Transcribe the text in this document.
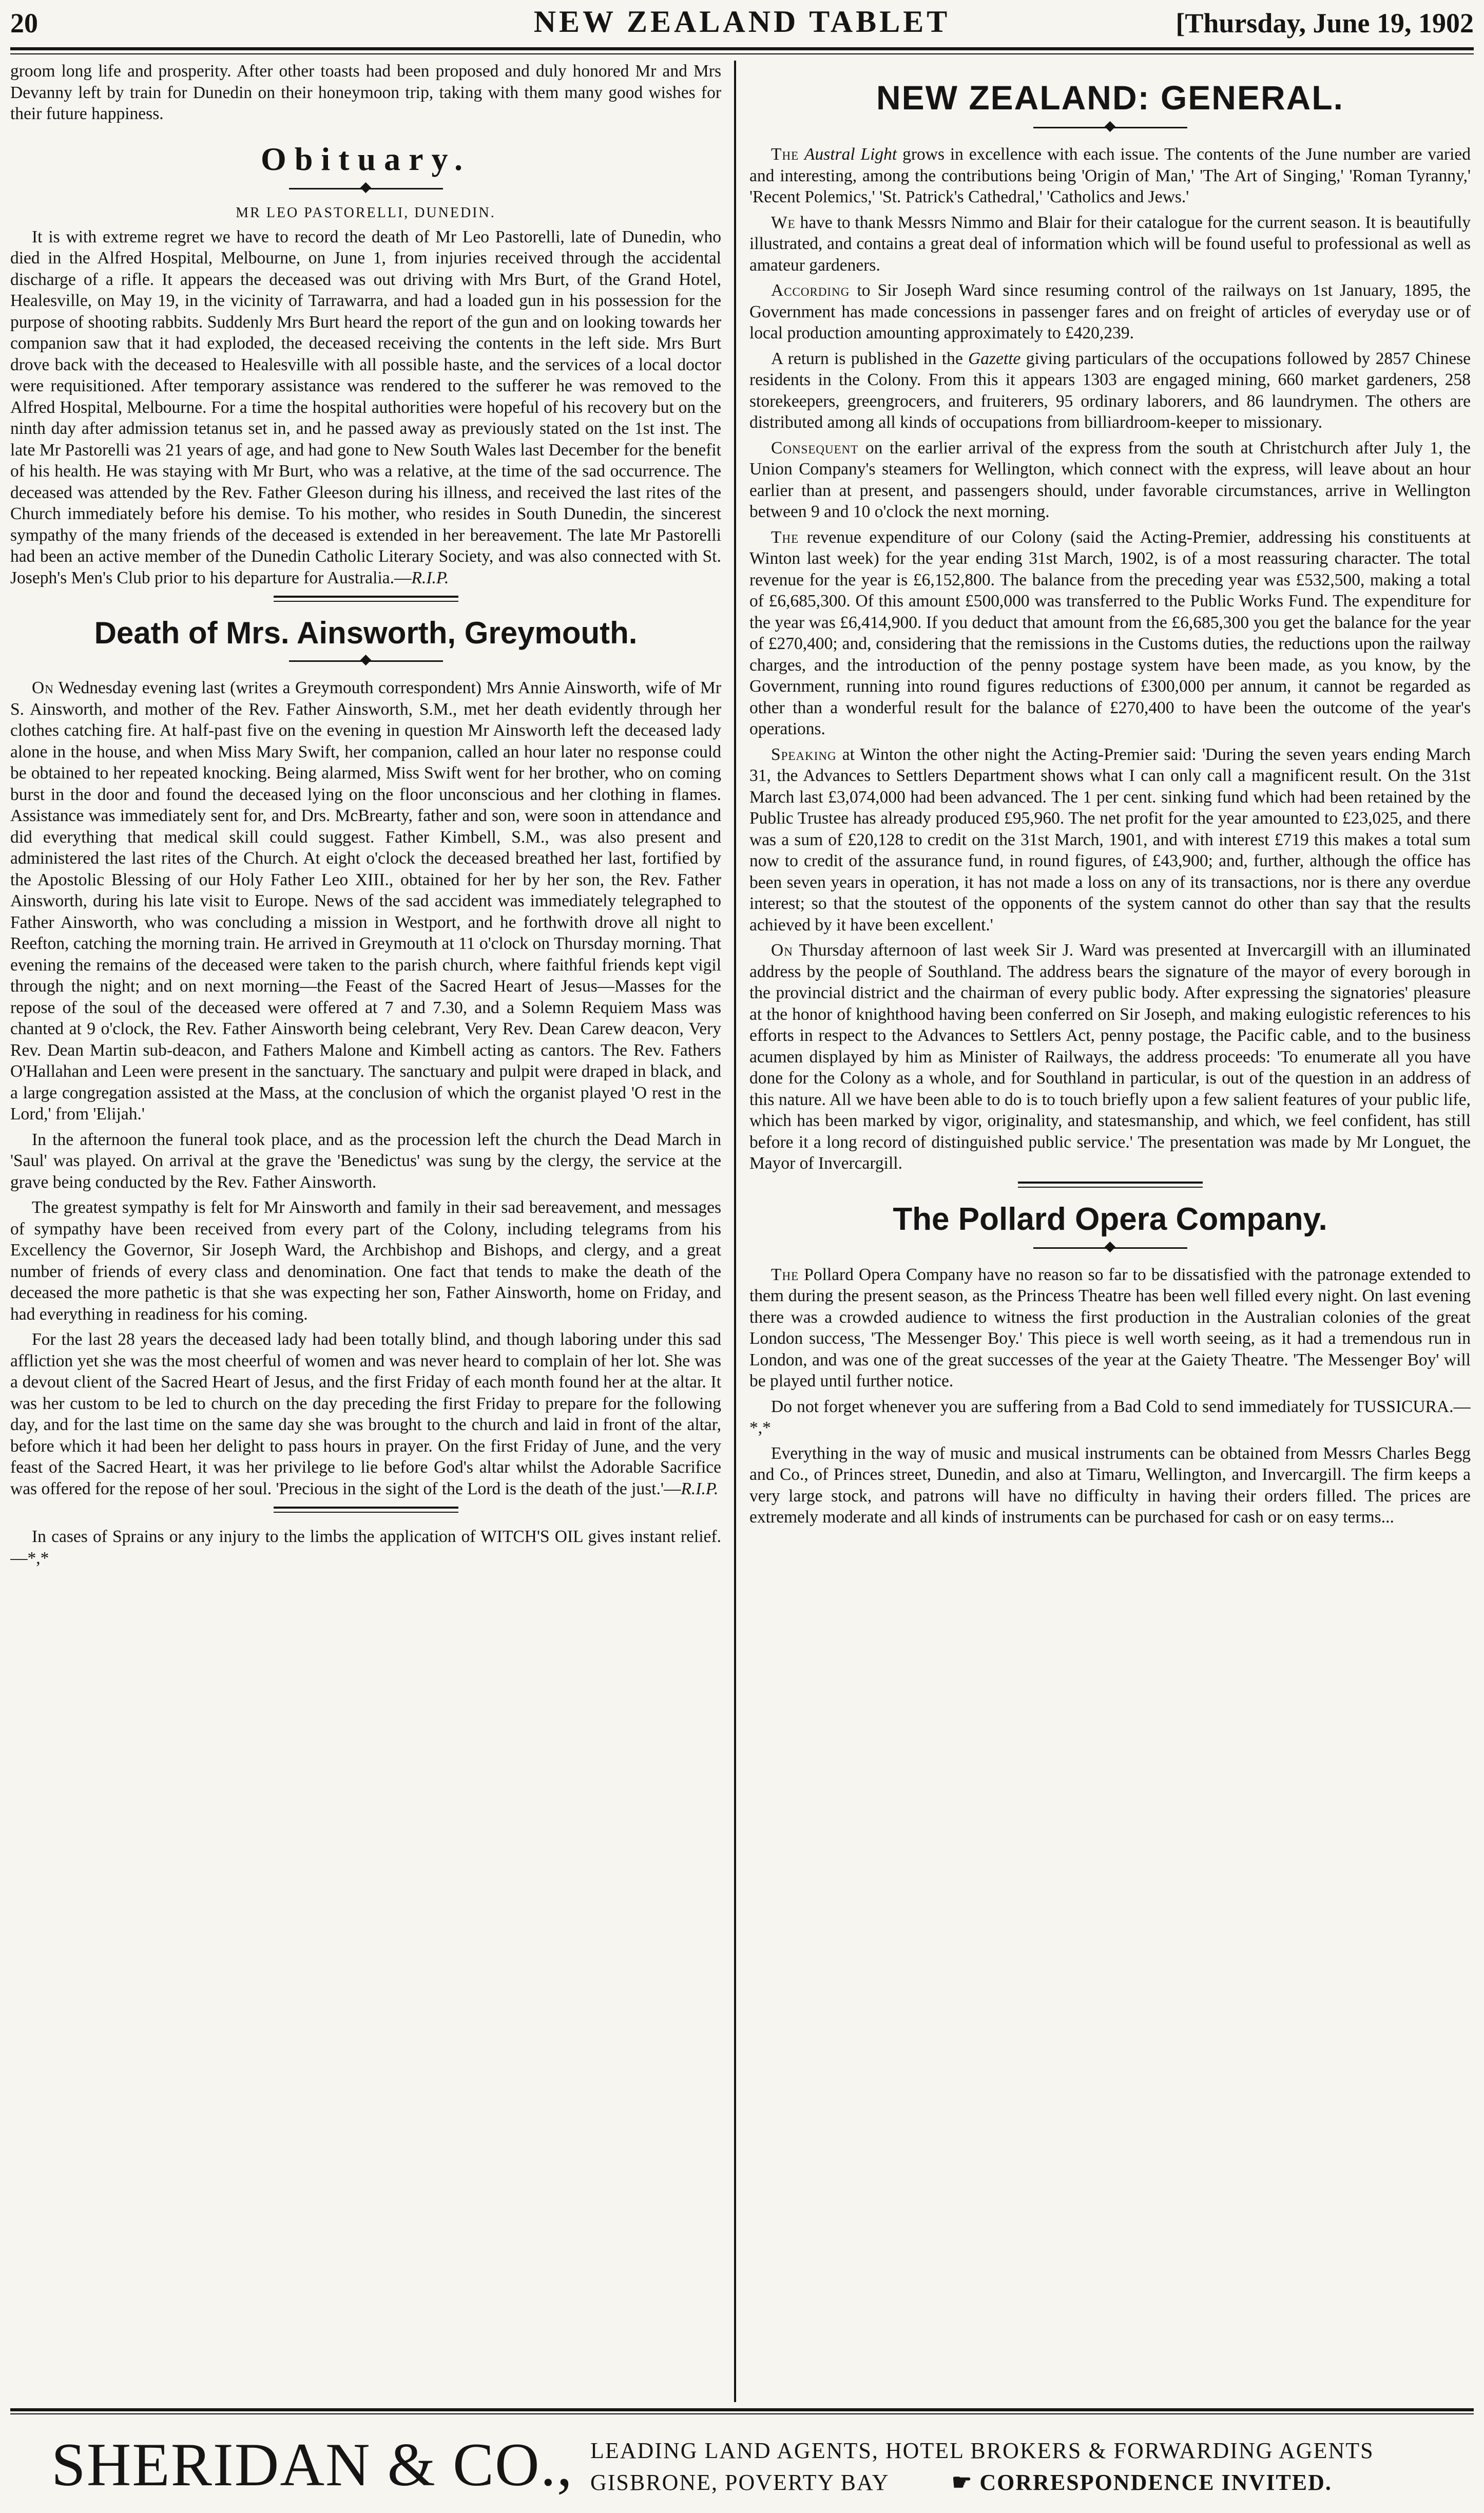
20	NEW ZEALAND TABLET	[Thursday, June 19, 1902

groom long life and prosperity. After other toasts had been proposed and duly honored Mr and Mrs Devanny left by train for Dunedin on their honeymoon trip, taking with them many good wishes for their future happiness.

Obituary.
MR LEO PASTORELLI, DUNEDIN.

It is with extreme regret we have to record the death of Mr Leo Pastorelli, late of Dunedin, who died in the Alfred Hospital, Melbourne, on June 1, from injuries received through the accidental discharge of a rifle. It appears the deceased was out driving with Mrs Burt, of the Grand Hotel, Healesville, on May 19, in the vicinity of Tarrawarra, and had a loaded gun in his possession for the purpose of shooting rabbits. Suddenly Mrs Burt heard the report of the gun and on looking towards her companion saw that it had exploded, the deceased receiving the contents in the left side. Mrs Burt drove back with the deceased to Healesville with all possible haste, and the services of a local doctor were requisitioned. After temporary assistance was rendered to the sufferer he was removed to the Alfred Hospital, Melbourne. For a time the hospital authorities were hopeful of his recovery but on the ninth day after admission tetanus set in, and he passed away as previously stated on the 1st inst. The late Mr Pastorelli was 21 years of age, and had gone to New South Wales last December for the benefit of his health. He was staying with Mr Burt, who was a relative, at the time of the sad occurrence. The deceased was attended by the Rev. Father Gleeson during his illness, and received the last rites of the Church immediately before his demise. To his mother, who resides in South Dunedin, the sincerest sympathy of the many friends of the deceased is extended in her bereavement. The late Mr Pastorelli had been an active member of the Dunedin Catholic Literary Society, and was also connected with St. Joseph's Men's Club prior to his departure for Australia.—R.I.P.

Death of Mrs. Ainsworth, Greymouth.

On Wednesday evening last (writes a Greymouth correspondent) Mrs Annie Ainsworth, wife of Mr S. Ainsworth, and mother of the Rev. Father Ainsworth, S.M., met her death evidently through her clothes catching fire. At half-past five on the evening in question Mr Ainsworth left the deceased lady alone in the house, and when Miss Mary Swift, her companion, called an hour later no response could be obtained to her repeated knocking. Being alarmed, Miss Swift went for her brother, who on coming burst in the door and found the deceased lying on the floor unconscious and her clothing in flames. Assistance was immediately sent for, and Drs. McBrearty, father and son, were soon in attendance and did everything that medical skill could suggest. Father Kimbell, S.M., was also present and administered the last rites of the Church. At eight o'clock the deceased breathed her last, fortified by the Apostolic Blessing of our Holy Father Leo XIII., obtained for her by her son, the Rev. Father Ainsworth, during his late visit to Europe. News of the sad accident was immediately telegraphed to Father Ainsworth, who was concluding a mission in Westport, and he forthwith drove all night to Reefton, catching the morning train. He arrived in Greymouth at 11 o'clock on Thursday morning. That evening the remains of the deceased were taken to the parish church, where faithful friends kept vigil through the night; and on next morning—the Feast of the Sacred Heart of Jesus—Masses for the repose of the soul of the deceased were offered at 7 and 7.30, and a Solemn Requiem Mass was chanted at 9 o'clock, the Rev. Father Ainsworth being celebrant, Very Rev. Dean Carew deacon, Very Rev. Dean Martin sub-deacon, and Fathers Malone and Kimbell acting as cantors. The Rev. Fathers O'Hallahan and Leen were present in the sanctuary. The sanctuary and pulpit were draped in black, and a large congregation assisted at the Mass, at the conclusion of which the organist played 'O rest in the Lord,' from 'Elijah.'

In the afternoon the funeral took place, and as the procession left the church the Dead March in 'Saul' was played. On arrival at the grave the 'Benedictus' was sung by the clergy, the service at the grave being conducted by the Rev. Father Ainsworth.

The greatest sympathy is felt for Mr Ainsworth and family in their sad bereavement, and messages of sympathy have been received from every part of the Colony, including telegrams from his Excellency the Governor, Sir Joseph Ward, the Archbishop and Bishops, and clergy, and a great number of friends of every class and denomination. One fact that tends to make the death of the deceased the more pathetic is that she was expecting her son, Father Ainsworth, home on Friday, and had everything in readiness for his coming.

For the last 28 years the deceased lady had been totally blind, and though laboring under this sad affliction yet she was the most cheerful of women and was never heard to complain of her lot. She was a devout client of the Sacred Heart of Jesus, and the first Friday of each month found her at the altar. It was her custom to be led to church on the day preceding the first Friday to prepare for the following day, and for the last time on the same day she was brought to the church and laid in front of the altar, before which it had been her delight to pass hours in prayer. On the first Friday of June, and the very feast of the Sacred Heart, it was her privilege to lie before God's altar whilst the Adorable Sacrifice was offered for the repose of her soul. 'Precious in the sight of the Lord is the death of the just.'—R.I.P.

In cases of Sprains or any injury to the limbs the application of WITCH'S OIL gives instant relief.—*,*

NEW ZEALAND: GENERAL.

The Austral Light grows in excellence with each issue. The contents of the June number are varied and interesting, among the contributions being 'Origin of Man,' 'The Art of Singing,' 'Roman Tyranny,' 'Recent Polemics,' 'St. Patrick's Cathedral,' 'Catholics and Jews.'

We have to thank Messrs Nimmo and Blair for their catalogue for the current season. It is beautifully illustrated, and contains a great deal of information which will be found useful to professional as well as amateur gardeners.

According to Sir Joseph Ward since resuming control of the railways on 1st January, 1895, the Government has made concessions in passenger fares and on freight of articles of everyday use or of local production amounting approximately to £420,239.

A return is published in the Gazette giving particulars of the occupations followed by 2857 Chinese residents in the Colony. From this it appears 1303 are engaged mining, 660 market gardeners, 258 storekeepers, greengrocers, and fruiterers, 95 ordinary laborers, and 86 laundrymen. The others are distributed among all kinds of occupations from billiardroom-keeper to missionary.

Consequent on the earlier arrival of the express from the south at Christchurch after July 1, the Union Company's steamers for Wellington, which connect with the express, will leave about an hour earlier than at present, and passengers should, under favorable circumstances, arrive in Wellington between 9 and 10 o'clock the next morning.

The revenue expenditure of our Colony (said the Acting-Premier, addressing his constituents at Winton last week) for the year ending 31st March, 1902, is of a most reassuring character. The total revenue for the year is £6,152,800. The balance from the preceding year was £532,500, making a total of £6,685,300. Of this amount £500,000 was transferred to the Public Works Fund. The expenditure for the year was £6,414,900. If you deduct that amount from the £6,685,300 you get the balance for the year of £270,400; and, considering that the remissions in the Customs duties, the reductions upon the railway charges, and the introduction of the penny postage system have been made, as you know, by the Government, running into round figures reductions of £300,000 per annum, it cannot be regarded as other than a wonderful result for the balance of £270,400 to have been the outcome of the year's operations.

Speaking at Winton the other night the Acting-Premier said: 'During the seven years ending March 31, the Advances to Settlers Department shows what I can only call a magnificent result. On the 31st March last £3,074,000 had been advanced. The 1 per cent. sinking fund which had been retained by the Public Trustee has already produced £95,960. The net profit for the year amounted to £23,025, and there was a sum of £20,128 to credit on the 31st March, 1901, and with interest £719 this makes a total sum now to credit of the assurance fund, in round figures, of £43,900; and, further, although the office has been seven years in operation, it has not made a loss on any of its transactions, nor is there any overdue interest; so that the stoutest of the opponents of the system cannot do other than say that the results achieved by it have been excellent.'

On Thursday afternoon of last week Sir J. Ward was presented at Invercargill with an illuminated address by the people of Southland. The address bears the signature of the mayor of every borough in the provincial district and the chairman of every public body. After expressing the signatories' pleasure at the honor of knighthood having been conferred on Sir Joseph, and making eulogistic references to his efforts in respect to the Advances to Settlers Act, penny postage, the Pacific cable, and to the business acumen displayed by him as Minister of Railways, the address proceeds: 'To enumerate all you have done for the Colony as a whole, and for Southland in particular, is out of the question in an address of this nature. All we have been able to do is to touch briefly upon a few salient features of your public life, which has been marked by vigor, originality, and statesmanship, and which, we feel confident, has still before it a long record of distinguished public service.' The presentation was made by Mr Longuet, the Mayor of Invercargill.

The Pollard Opera Company.

The Pollard Opera Company have no reason so far to be dissatisfied with the patronage extended to them during the present season, as the Princess Theatre has been well filled every night. On last evening there was a crowded audience to witness the first production in the Australian colonies of the great London success, 'The Messenger Boy.' This piece is well worth seeing, as it had a tremendous run in London, and was one of the great successes of the year at the Gaiety Theatre. 'The Messenger Boy' will be played until further notice.

Do not forget whenever you are suffering from a Bad Cold to send immediately for TUSSICURA.—*,*

Everything in the way of music and musical instruments can be obtained from Messrs Charles Begg and Co., of Princes street, Dunedin, and also at Timaru, Wellington, and Invercargill. The firm keeps a very large stock, and patrons will have no difficulty in having their orders filled. The prices are extremely moderate and all kinds of instruments can be purchased for cash or on easy terms...

SHERIDAN & CO., LEADING LAND AGENTS, HOTEL BROKERS & FORWARDING AGENTS
GISBRONE, POVERTY BAY	☛ CORRESPONDENCE INVITED.
